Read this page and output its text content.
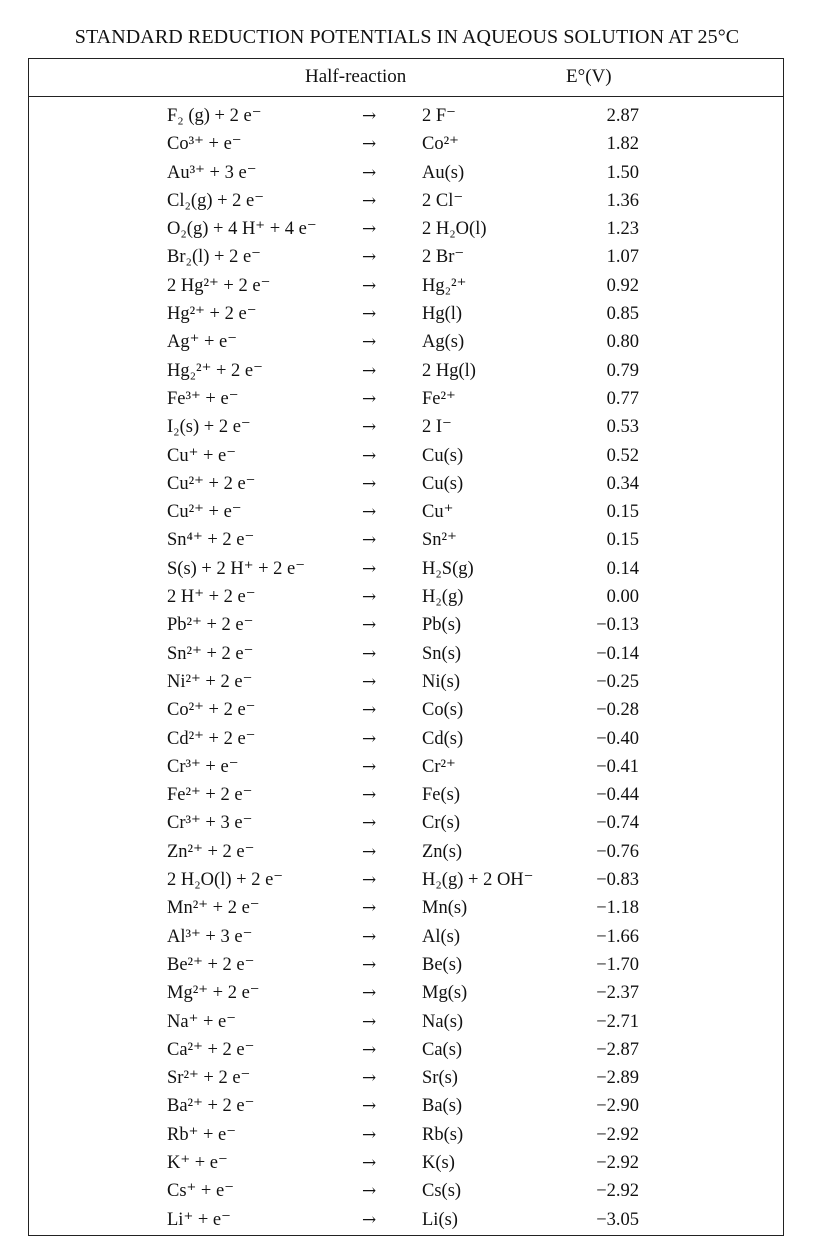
STANDARD REDUCTION POTENTIALS IN AQUEOUS SOLUTION AT 25°C
Half-reaction	E°(V)
F₂ (g) + 2 e⁻	→ 2 F⁻	2.87
Co³⁺ + e⁻	→ Co²⁺	1.82
Au³⁺ + 3 e⁻	→ Au(s)	1.50
Cl₂(g) + 2 e⁻	→ 2 Cl⁻	1.36
O₂(g) + 4 H⁺ + 4 e⁻	→ 2 H₂O(l)	1.23
Br₂(l) + 2 e⁻	→ 2 Br⁻	1.07
2 Hg²⁺ + 2 e⁻	→ Hg₂²⁺	0.92
Hg²⁺ + 2 e⁻	→ Hg(l)	0.85
Ag⁺ + e⁻	→ Ag(s)	0.80
Hg₂²⁺ + 2 e⁻	→ 2 Hg(l)	0.79
Fe³⁺ + e⁻	→ Fe²⁺	0.77
I₂(s) + 2 e⁻	→ 2 I⁻	0.53
Cu⁺ + e⁻	→ Cu(s)	0.52
Cu²⁺ + 2 e⁻	→ Cu(s)	0.34
Cu²⁺ + e⁻	→ Cu⁺	0.15
Sn⁴⁺ + 2 e⁻	→ Sn²⁺	0.15
S(s) + 2 H⁺ + 2 e⁻	→ H₂S(g)	0.14
2 H⁺ + 2 e⁻	→ H₂(g)	0.00
Pb²⁺ + 2 e⁻	→ Pb(s)	−0.13
Sn²⁺ + 2 e⁻	→ Sn(s)	−0.14
Ni²⁺ + 2 e⁻	→ Ni(s)	−0.25
Co²⁺ + 2 e⁻	→ Co(s)	−0.28
Cd²⁺ + 2 e⁻	→ Cd(s)	−0.40
Cr³⁺ + e⁻	→ Cr²⁺	−0.41
Fe²⁺ + 2 e⁻	→ Fe(s)	−0.44
Cr³⁺ + 3 e⁻	→ Cr(s)	−0.74
Zn²⁺ + 2 e⁻	→ Zn(s)	−0.76
2 H₂O(l) + 2 e⁻	→ H₂(g) + 2 OH⁻	−0.83
Mn²⁺ + 2 e⁻	→ Mn(s)	−1.18
Al³⁺ + 3 e⁻	→ Al(s)	−1.66
Be²⁺ + 2 e⁻	→ Be(s)	−1.70
Mg²⁺ + 2 e⁻	→ Mg(s)	−2.37
Na⁺ + e⁻	→ Na(s)	−2.71
Ca²⁺ + 2 e⁻	→ Ca(s)	−2.87
Sr²⁺ + 2 e⁻	→ Sr(s)	−2.89
Ba²⁺ + 2 e⁻	→ Ba(s)	−2.90
Rb⁺ + e⁻	→ Rb(s)	−2.92
K⁺ + e⁻	→ K(s)	−2.92
Cs⁺ + e⁻	→ Cs(s)	−2.92
Li⁺ + e⁻	→ Li(s)	−3.05
